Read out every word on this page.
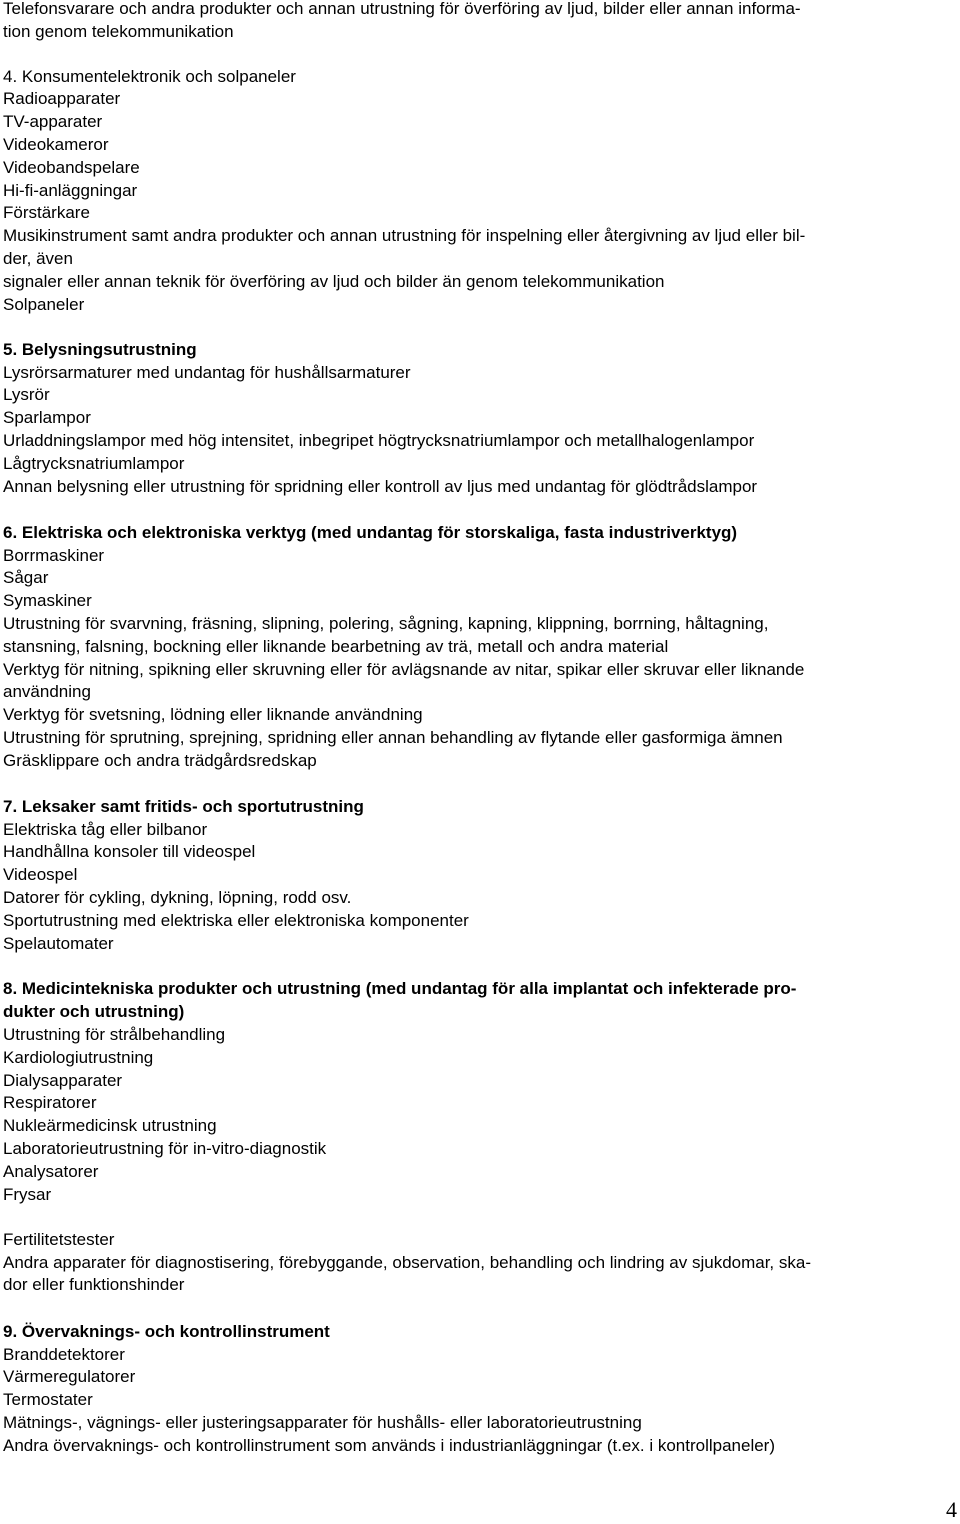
Telefonsvarare och andra produkter och annan utrustning för överföring av ljud, bilder eller annan informa-
tion genom telekommunikation
4. Konsumentelektronik och solpaneler
Radioapparater
TV-apparater
Videokameror
Videobandspelare
Hi-fi-anläggningar
Förstärkare
Musikinstrument samt andra produkter och annan utrustning för inspelning eller återgivning av ljud eller bil-
der, även
signaler eller annan teknik för överföring av ljud och bilder än genom telekommunikation
Solpaneler
5. Belysningsutrustning
Lysrörsarmaturer med undantag för hushållsarmaturer
Lysrör
Sparlampor
Urladdningslampor med hög intensitet, inbegripet högtrycksnatriumlampor och metallhalogenlampor
Lågtrycksnatriumlampor
Annan belysning eller utrustning för spridning eller kontroll av ljus med undantag för glödtrådslampor
6. Elektriska och elektroniska verktyg (med undantag för storskaliga, fasta industriverktyg)
Borrmaskiner
Sågar
Symaskiner
Utrustning för svarvning, fräsning, slipning, polering, sågning, kapning, klippning, borrning, håltagning,
stansning, falsning, bockning eller liknande bearbetning av trä, metall och andra material
Verktyg för nitning, spikning eller skruvning eller för avlägsnande av nitar, spikar eller skruvar eller liknande
användning
Verktyg för svetsning, lödning eller liknande användning
Utrustning för sprutning, sprejning, spridning eller annan behandling av flytande eller gasformiga ämnen
Gräsklippare och andra trädgårdsredskap
7. Leksaker samt fritids- och sportutrustning
Elektriska tåg eller bilbanor
Handhållna konsoler till videospel
Videospel
Datorer för cykling, dykning, löpning, rodd osv.
Sportutrustning med elektriska eller elektroniska komponenter
Spelautomater
8. Medicintekniska produkter och utrustning (med undantag för alla implantat och infekterade pro-
dukter och utrustning)
Utrustning för strålbehandling
Kardiologiutrustning
Dialysapparater
Respiratorer
Nukleärmedicinsk utrustning
Laboratorieutrustning för in-vitro-diagnostik
Analysatorer
Frysar
Fertilitetstester
Andra apparater för diagnostisering, förebyggande, observation, behandling och lindring av sjukdomar, ska-
dor eller funktionshinder
9. Övervaknings- och kontrollinstrument
Branddetektorer
Värmeregulatorer
Termostater
Mätnings-, vägnings- eller justeringsapparater för hushålls- eller laboratorieutrustning
Andra övervaknings- och kontrollinstrument som används i industrianläggningar (t.ex. i kontrollpaneler)
4
